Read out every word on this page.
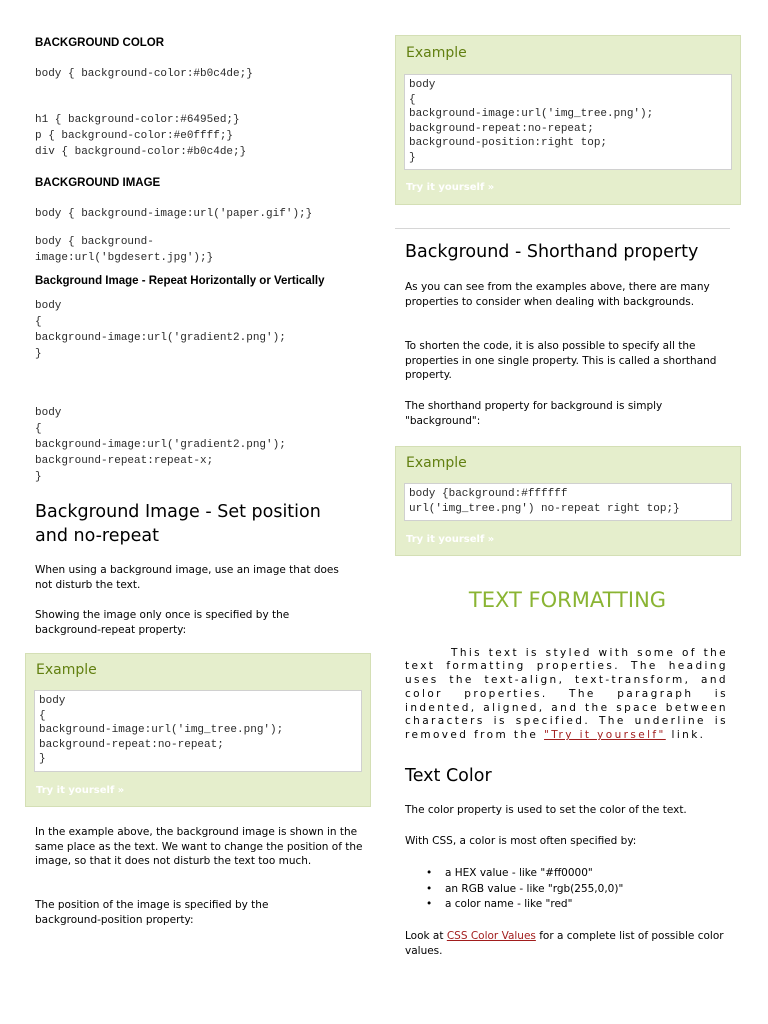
BACKGROUND COLOR

body { background-color:#b0c4de;}
h1 { background-color:#6495ed;}
p { background-color:#e0ffff;}
div { background-color:#b0c4de;}

BACKGROUND IMAGE

body { background-image:url('paper.gif');}
body { background-
image:url('bgdesert.jpg');}

Background Image - Repeat Horizontally or Vertically

body
{
background-image:url('gradient2.png');
}
body
{
background-image:url('gradient2.png');
background-repeat:repeat-x;
}
Background Image - Set position and no-repeat

When using a background image, use an image that does not disturb the text.

Showing the image only once is specified by the background-repeat property:

Example
body
{
background-image:url('img_tree.png');
background-repeat:no-repeat;
}
Try it yourself »

In the example above, the background image is shown in the same place as the text. We want to change the position of the image, so that it does not disturb the text too much.

The position of the image is specified by the background-position property:

Example
body
{
background-image:url('img_tree.png');
background-repeat:no-repeat;
background-position:right top;
}
Try it yourself »
Background - Shorthand property

As you can see from the examples above, there are many properties to consider when dealing with backgrounds.

To shorten the code, it is also possible to specify all the properties in one single property. This is called a shorthand property.

The shorthand property for background is simply "background":

Example
body {background:#ffffff
url('img_tree.png') no-repeat right top;}
Try it yourself »
TEXT FORMATTING

This text is styled with some of the text formatting properties. The heading uses the text-align, text-transform, and color properties. The paragraph is indented, aligned, and the space between characters is specified. The underline is removed from the "Try it yourself" link.

Text Color

The color property is used to set the color of the text.

With CSS, a color is most often specified by:

• a HEX value - like "#ff0000"
• an RGB value - like "rgb(255,0,0)"
• a color name - like "red"

Look at CSS Color Values for a complete list of possible color values.
